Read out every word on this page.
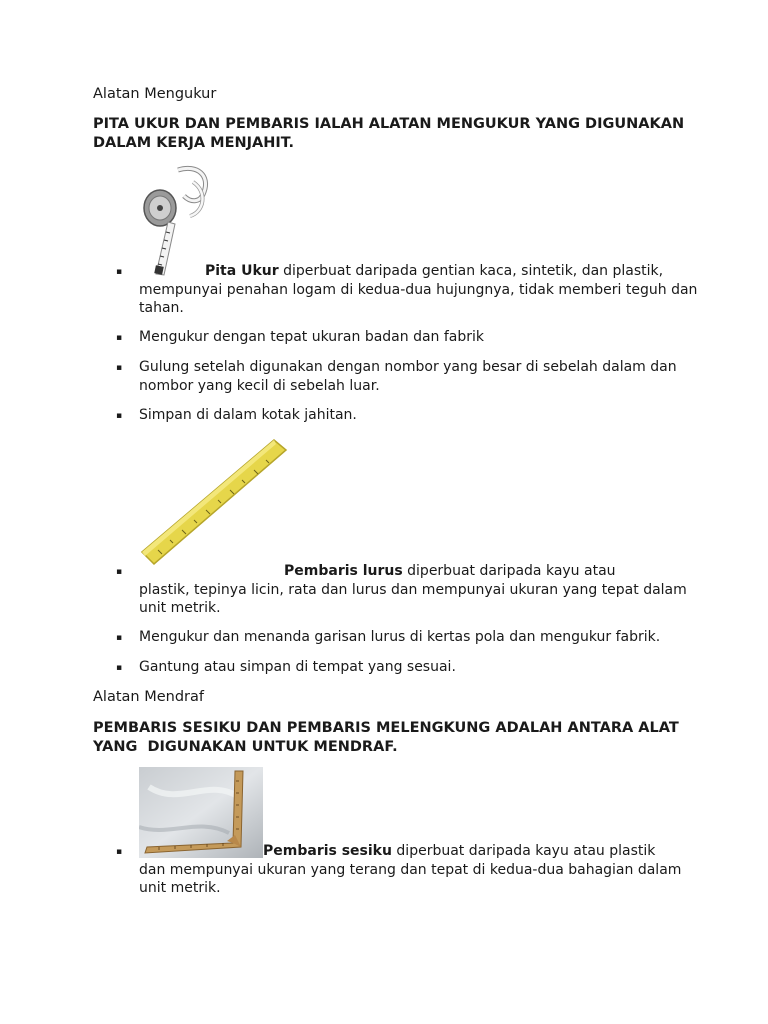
Alatan Mengukur
PITA UKUR DAN PEMBARIS IALAH ALATAN MENGUKUR YANG DIGUNAKAN
DALAM KERJA MENJAHIT.
▪	Pita Ukur diperbuat daripada gentian kaca, sintetik, dan plastik, mempunyai penahan logam di kedua-dua hujungnya, tidak memberi teguh dan tahan.
▪ Mengukur dengan tepat ukuran badan dan fabrik
▪ Gulung setelah digunakan dengan nombor yang besar di sebelah dalam dan nombor yang kecil di sebelah luar.
▪ Simpan di dalam kotak jahitan.
▪	Pembaris lurus diperbuat daripada kayu atau
plastik, tepinya licin, rata dan lurus dan mempunyai ukuran yang tepat dalam unit metrik.
▪ Mengukur dan menanda garisan lurus di kertas pola dan mengukur fabrik.
▪ Gantung atau simpan di tempat yang sesuai.
Alatan Mendraf
PEMBARIS SESIKU DAN PEMBARIS MELENGKUNG ADALAH ANTARA ALAT
YANG  DIGUNAKAN UNTUK MENDRAF.
▪	Pembaris sesiku diperbuat daripada kayu atau plastik
dan mempunyai ukuran yang terang dan tepat di kedua-dua bahagian dalam unit metrik.
